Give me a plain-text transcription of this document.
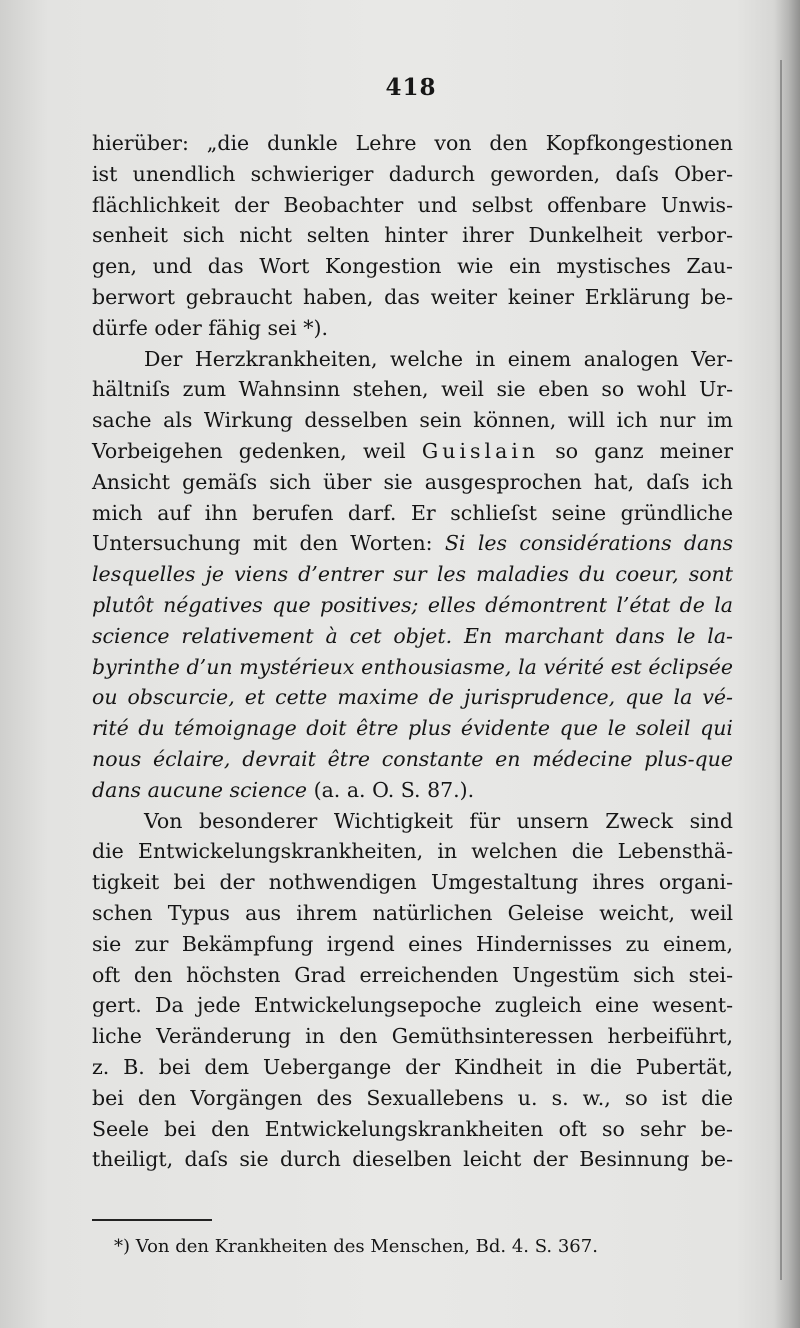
418
hierüber: „die dunkle Lehre von den Kopfkongestionen
ist unendlich schwieriger dadurch geworden, daſs Ober-
flächlichkeit der Beobachter und selbst offenbare Unwis-
senheit sich nicht selten hinter ihrer Dunkelheit verbor-
gen, und das Wort Kongestion wie ein mystisches Zau-
berwort gebraucht haben, das weiter keiner Erklärung be-
dürfe oder fähig sei *).
Der Herzkrankheiten, welche in einem analogen Ver-
hältniſs zum Wahnsinn stehen, weil sie eben so wohl Ur-
sache als Wirkung desselben sein können, will ich nur im
Vorbeigehen gedenken, weil Guislain so ganz meiner
Ansicht gemäſs sich über sie ausgesprochen hat, daſs ich
mich auf ihn berufen darf. Er schlieſst seine gründliche
Untersuchung mit den Worten: Si les considérations dans
lesquelles je viens d’entrer sur les maladies du coeur, sont
plutôt négatives que positives; elles démontrent l’état de la
science relativement à cet objet. En marchant dans le la-
byrinthe d’un mystérieux enthousiasme, la vérité est éclipsée
ou obscurcie, et cette maxime de jurisprudence, que la vé-
rité du témoignage doit être plus évidente que le soleil qui
nous éclaire, devrait être constante en médecine plus-que
dans aucune science (a. a. O. S. 87.).
Von besonderer Wichtigkeit für unsern Zweck sind
die Entwickelungskrankheiten, in welchen die Lebensthä-
tigkeit bei der nothwendigen Umgestaltung ihres organi-
schen Typus aus ihrem natürlichen Geleise weicht, weil
sie zur Bekämpfung irgend eines Hindernisses zu einem,
oft den höchsten Grad erreichenden Ungestüm sich stei-
gert. Da jede Entwickelungsepoche zugleich eine wesent-
liche Veränderung in den Gemüthsinteressen herbeiführt,
z. B. bei dem Uebergange der Kindheit in die Pubertät,
bei den Vorgängen des Sexuallebens u. s. w., so ist die
Seele bei den Entwickelungskrankheiten oft so sehr be-
theiligt, daſs sie durch dieselben leicht der Besinnung be-
*) Von den Krankheiten des Menschen, Bd. 4. S. 367.
